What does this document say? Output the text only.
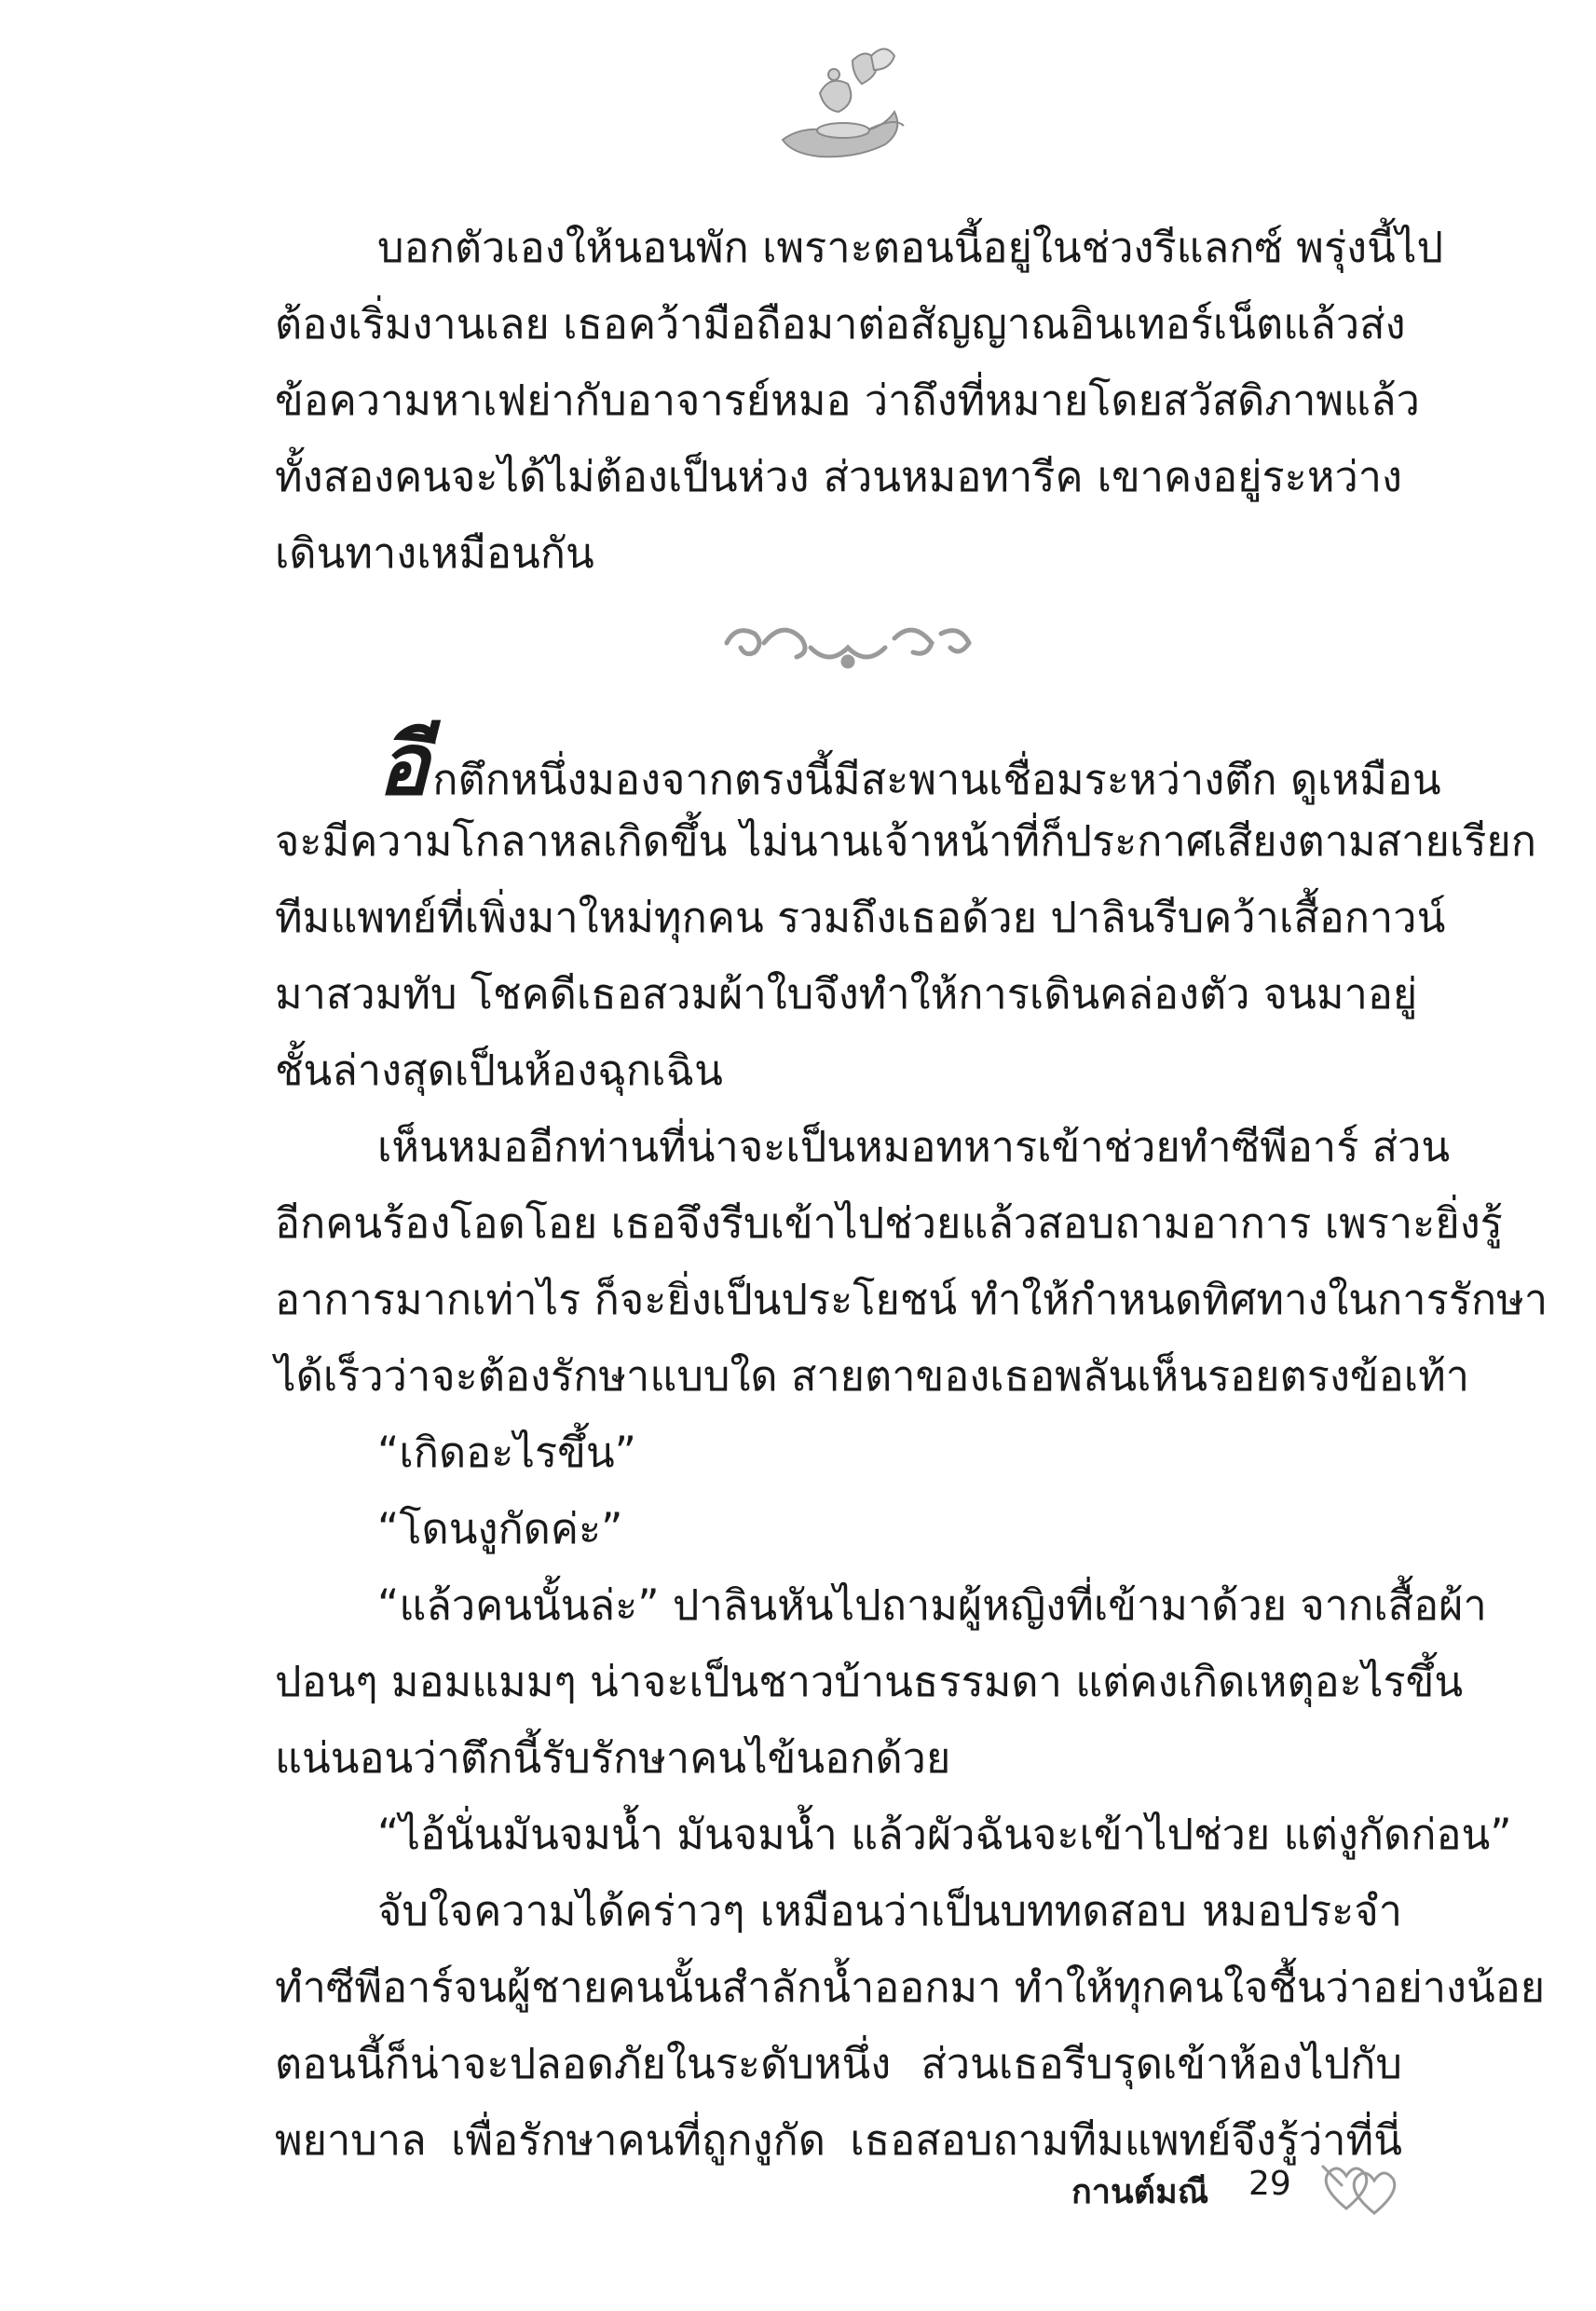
บอกตัวเองให้นอนพัก เพราะตอนนี้อยู่ในช่วงรีแลกซ์ พรุ่งนี้ไป
ต้องเริ่มงานเลย เธอคว้ามือถือมาต่อสัญญาณอินเทอร์เน็ตแล้วส่ง
ข้อความหาเฟย่ากับอาจารย์หมอ ว่าถึงที่หมายโดยสวัสดิภาพแล้ว
ทั้งสองคนจะได้ไม่ต้องเป็นห่วง ส่วนหมอทารีค เขาคงอยู่ระหว่าง
เดินทางเหมือนกัน
อีกตึกหนึ่งมองจากตรงนี้มีสะพานเชื่อมระหว่างตึก ดูเหมือน
จะมีความโกลาหลเกิดขึ้น ไม่นานเจ้าหน้าที่ก็ประกาศเสียงตามสายเรียก
ทีมแพทย์ที่เพิ่งมาใหม่ทุกคน รวมถึงเธอด้วย ปาลินรีบคว้าเสื้อกาวน์
มาสวมทับ โชคดีเธอสวมผ้าใบจึงทำให้การเดินคล่องตัว จนมาอยู่
ชั้นล่างสุดเป็นห้องฉุกเฉิน
เห็นหมออีกท่านที่น่าจะเป็นหมอทหารเข้าช่วยทำซีพีอาร์ ส่วน
อีกคนร้องโอดโอย เธอจึงรีบเข้าไปช่วยแล้วสอบถามอาการ เพราะยิ่งรู้
อาการมากเท่าไร ก็จะยิ่งเป็นประโยชน์ ทำให้กำหนดทิศทางในการรักษา
ได้เร็วว่าจะต้องรักษาแบบใด สายตาของเธอพลันเห็นรอยตรงข้อเท้า
“เกิดอะไรขึ้น”
“โดนงูกัดค่ะ”
“แล้วคนนั้นล่ะ” ปาลินหันไปถามผู้หญิงที่เข้ามาด้วย จากเสื้อผ้า
ปอนๆ มอมแมมๆ น่าจะเป็นชาวบ้านธรรมดา แต่คงเกิดเหตุอะไรขึ้น
แน่นอนว่าตึกนี้รับรักษาคนไข้นอกด้วย
“ไอ้นั่นมันจมน้ำ มันจมน้ำ แล้วผัวฉันจะเข้าไปช่วย แต่งูกัดก่อน”
จับใจความได้คร่าวๆ เหมือนว่าเป็นบททดสอบ หมอประจำ
ทำซีพีอาร์จนผู้ชายคนนั้นสำลักน้ำออกมา ทำให้ทุกคนใจชื้นว่าอย่างน้อย
ตอนนี้ก็น่าจะปลอดภัยในระดับหนึ่ง ส่วนเธอรีบรุดเข้าห้องไปกับ
พยาบาล เพื่อรักษาคนที่ถูกงูกัด เธอสอบถามทีมแพทย์จึงรู้ว่าที่นี่
กานต์มณี 29
